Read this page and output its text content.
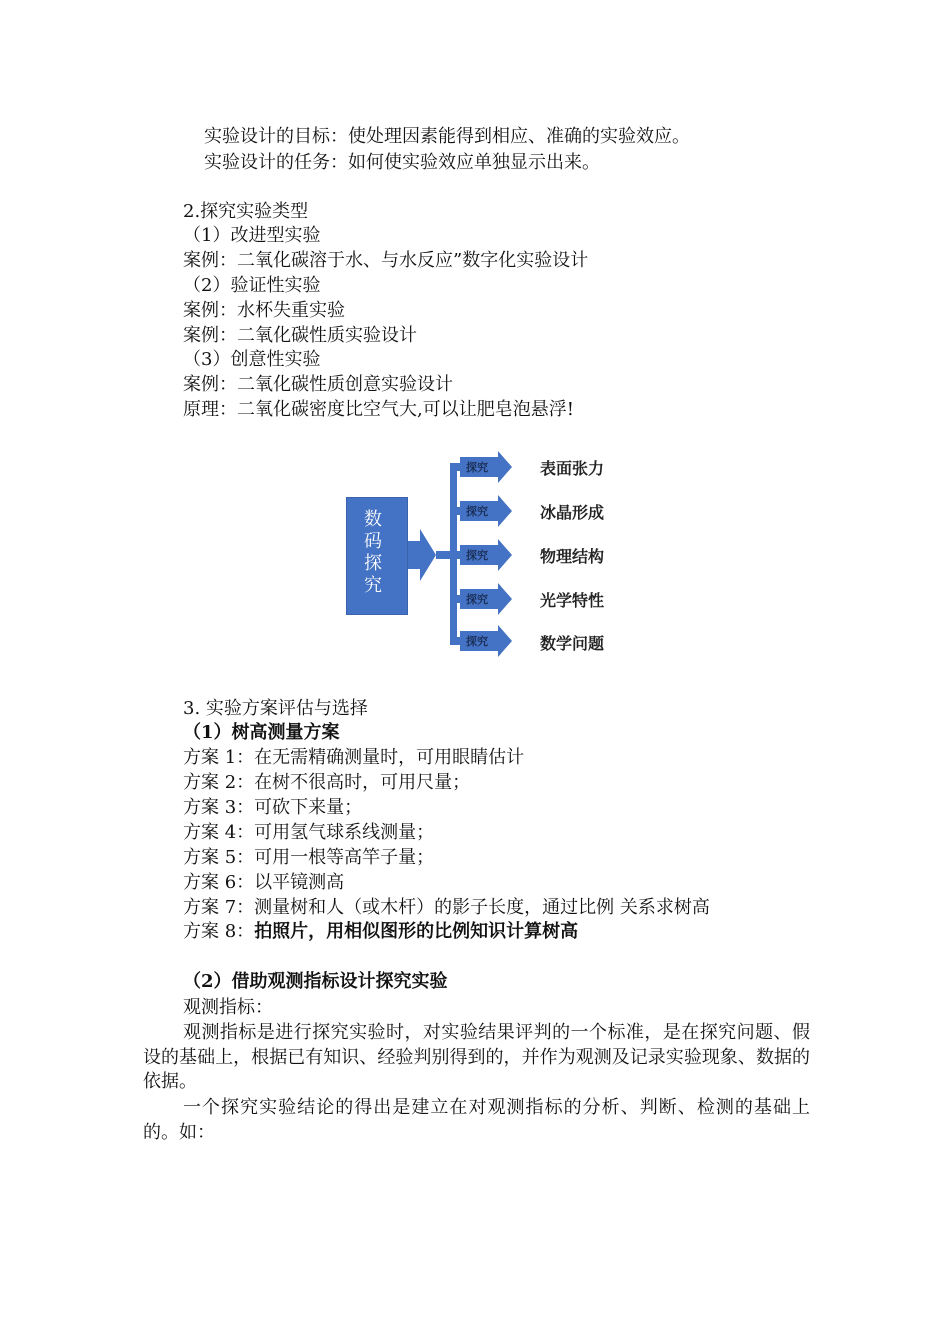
实验设计的目标：使处理因素能得到相应、准确的实验效应。
实验设计的任务：如何使实验效应单独显示出来。
2.探究实验类型
（1）改进型实验
案例：二氧化碳溶于水、与水反应”数字化实验设计
（2）验证性实验
案例：水杯失重实验
案例：二氧化碳性质实验设计
（3）创意性实验
案例：二氧化碳性质创意实验设计
原理：二氧化碳密度比空气大,可以让肥皂泡悬浮!
数码探究
探究
探究
探究
探究
探究
表面张力
冰晶形成
物理结构
光学特性
数学问题
3. 实验方案评估与选择
（1）树高测量方案
方案 1：在无需精确测量时，可用眼睛估计
方案 2：在树不很高时，可用尺量；
方案 3：可砍下来量；
方案 4：可用氢气球系线测量；
方案 5：可用一根等高竿子量；
方案 6：以平镜测高
方案 7：测量树和人（或木杆）的影子长度，通过比例 关系求树高
方案 8：拍照片，用相似图形的比例知识计算树高
（2）借助观测指标设计探究实验
观测指标：
观测指标是进行探究实验时，对实验结果评判的一个标准，是在探究问题、假设的基础上，根据已有知识、经验判别得到的，并作为观测及记录实验现象、数据的依据。
一个探究实验结论的得出是建立在对观测指标的分析、判断、检测的基础上的。如：
